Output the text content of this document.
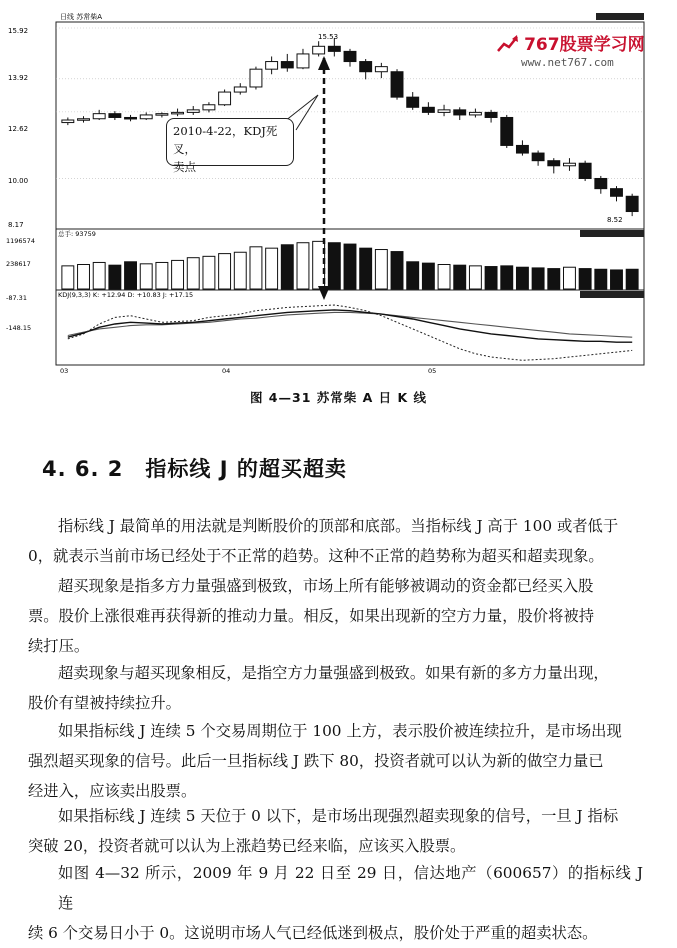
15.92
13.92
12.62
10.00
8.17
日线 苏常柴A
15.53
8.52
总手: 93759
1196574
238617
KDJ(9,3,3) K: +12.94 D: +10.83 J: +17.15
-87.31
-148.15
03	04	05
2010-4-22，KDJ死叉，
卖点
767股票学习网
www.net767.com
图 4—31 苏常柴 A 日 K 线
4. 6. 2 指标线 J 的超买超卖
指标线 J 最简单的用法就是判断股价的顶部和底部。当指标线 J 高于 100 或者低于
0，就表示当前市场已经处于不正常的趋势。这种不正常的趋势称为超买和超卖现象。
超买现象是指多方力量强盛到极致，市场上所有能够被调动的资金都已经买入股
票。股价上涨很难再获得新的推动力量。相反，如果出现新的空方力量，股价将被持
续打压。
超卖现象与超买现象相反，是指空方力量强盛到极致。如果有新的多方力量出现，
股价有望被持续拉升。
如果指标线 J 连续 5 个交易周期位于 100 上方，表示股价被连续拉升，是市场出现
强烈超买现象的信号。此后一旦指标线 J 跌下 80，投资者就可以认为新的做空力量已
经进入，应该卖出股票。
如果指标线 J 连续 5 天位于 0 以下，是市场出现强烈超卖现象的信号，一旦 J 指标
突破 20，投资者就可以认为上涨趋势已经来临，应该买入股票。
如图 4—32 所示，2009 年 9 月 22 日至 29 日，信达地产（600657）的指标线 J 连
续 6 个交易日小于 0。这说明市场人气已经低迷到极点，股价处于严重的超卖状态。
